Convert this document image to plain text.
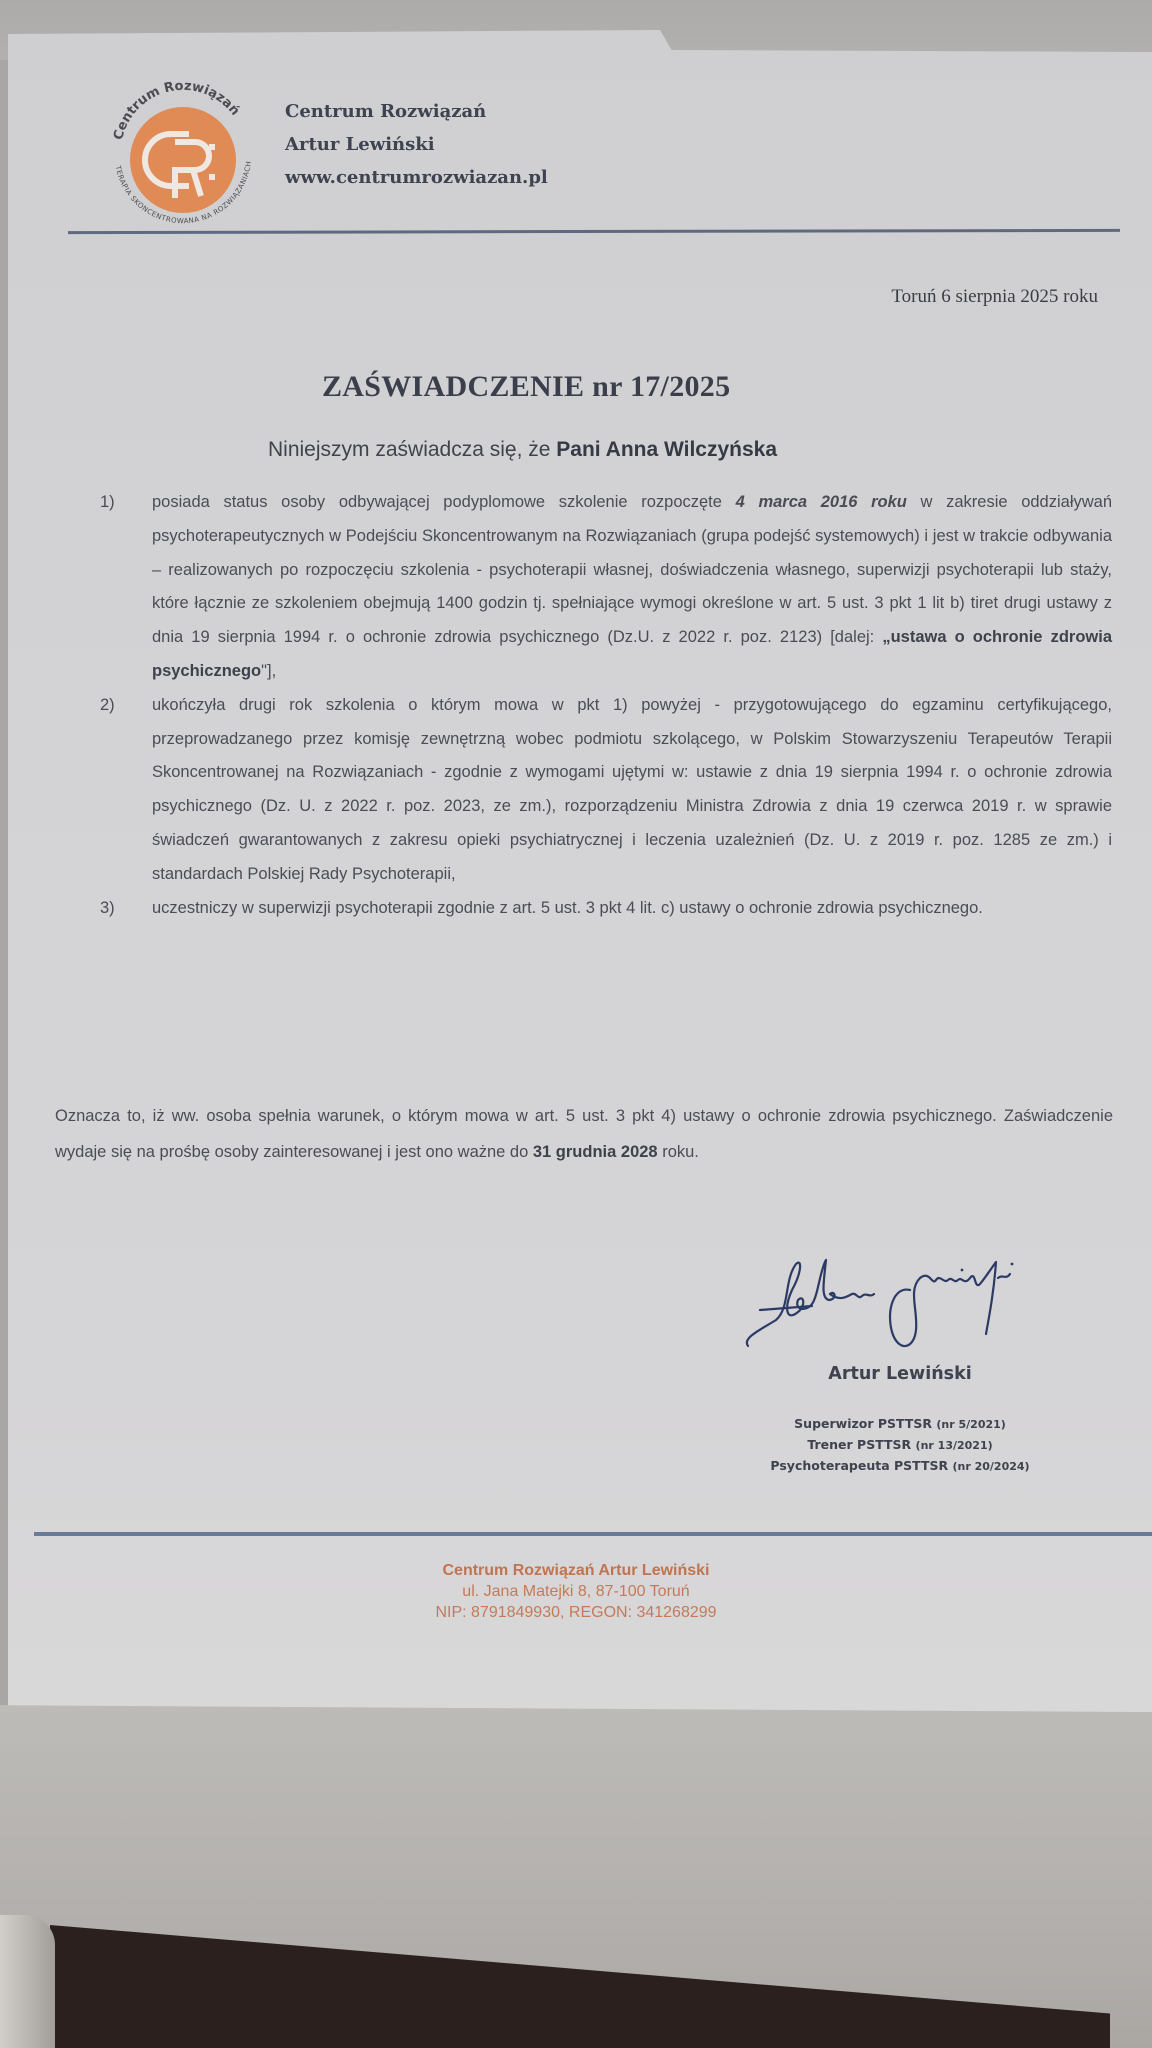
Centrum Rozwiązań
TERAPIA SKONCENTROWANA NA ROZWIĄZANIACH
Centrum Rozwiązań
Artur Lewiński
www.centrumrozwiazan.pl
Toruń 6 sierpnia 2025 roku
ZAŚWIADCZENIE nr 17/2025
Niniejszym zaświadcza się, że Pani Anna Wilczyńska
1)	posiada status osoby odbywającej podyplomowe szkolenie rozpoczęte 4 marca 2016 roku w zakresie oddziaływań psychoterapeutycznych w Podejściu Skoncentrowanym na Rozwiązaniach (grupa podejść systemowych) i jest w trakcie odbywania – realizowanych po rozpoczęciu szkolenia - psychoterapii własnej, doświadczenia własnego, superwizji psychoterapii lub staży, które łącznie ze szkoleniem obejmują 1400 godzin tj. spełniające wymogi określone w art. 5 ust. 3 pkt 1 lit b) tiret drugi ustawy z dnia 19 sierpnia 1994 r. o ochronie zdrowia psychicznego (Dz.U. z 2022 r. poz. 2123) [dalej: „ustawa o ochronie zdrowia psychicznego"],
2)	ukończyła drugi rok szkolenia o którym mowa w pkt 1) powyżej - przygotowującego do egzaminu certyfikującego, przeprowadzanego przez komisję zewnętrzną wobec podmiotu szkolącego, w Polskim Stowarzyszeniu Terapeutów Terapii Skoncentrowanej na Rozwiązaniach - zgodnie z wymogami ujętymi w: ustawie z dnia 19 sierpnia 1994 r. o ochronie zdrowia psychicznego (Dz. U. z 2022 r. poz. 2023, ze zm.), rozporządzeniu Ministra Zdrowia z dnia 19 czerwca 2019 r. w sprawie świadczeń gwarantowanych z zakresu opieki psychiatrycznej i leczenia uzależnień (Dz. U. z 2019 r. poz. 1285 ze zm.) i standardach Polskiej Rady Psychoterapii,
3)	uczestniczy w superwizji psychoterapii zgodnie z art. 5 ust. 3 pkt 4 lit. c) ustawy o ochronie zdrowia psychicznego.
Oznacza to, iż ww. osoba spełnia warunek, o którym mowa w art. 5 ust. 3 pkt 4) ustawy o ochronie zdrowia psychicznego. Zaświadczenie wydaje się na prośbę osoby zainteresowanej i jest ono ważne do 31 grudnia 2028 roku.
Artur Lewiński
Superwizor PSTTSR (nr 5/2021)
Trener PSTTSR (nr 13/2021)
Psychoterapeuta PSTTSR (nr 20/2024)
Centrum Rozwiązań Artur Lewiński
ul. Jana Matejki 8, 87-100 Toruń
NIP: 8791849930, REGON: 341268299
